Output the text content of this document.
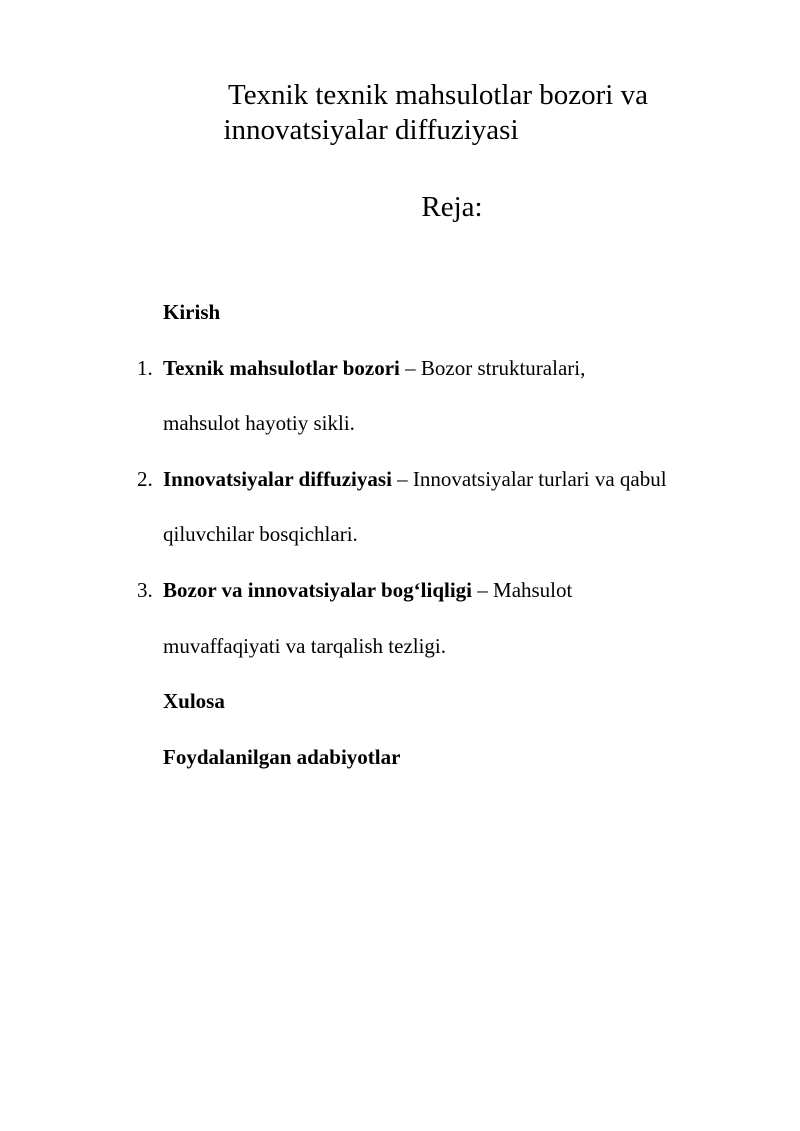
Texnik texnik mahsulotlar bozori va
innovatsiyalar diffuziyasi
Reja:
Kirish
1. Texnik mahsulotlar bozori – Bozor strukturalari,
mahsulot hayotiy sikli.
2. Innovatsiyalar diffuziyasi – Innovatsiyalar turlari va qabul
qiluvchilar bosqichlari.
3. Bozor va innovatsiyalar bog‘liqligi – Mahsulot
muvaffaqiyati va tarqalish tezligi.
Xulosa
Foydalanilgan adabiyotlar
